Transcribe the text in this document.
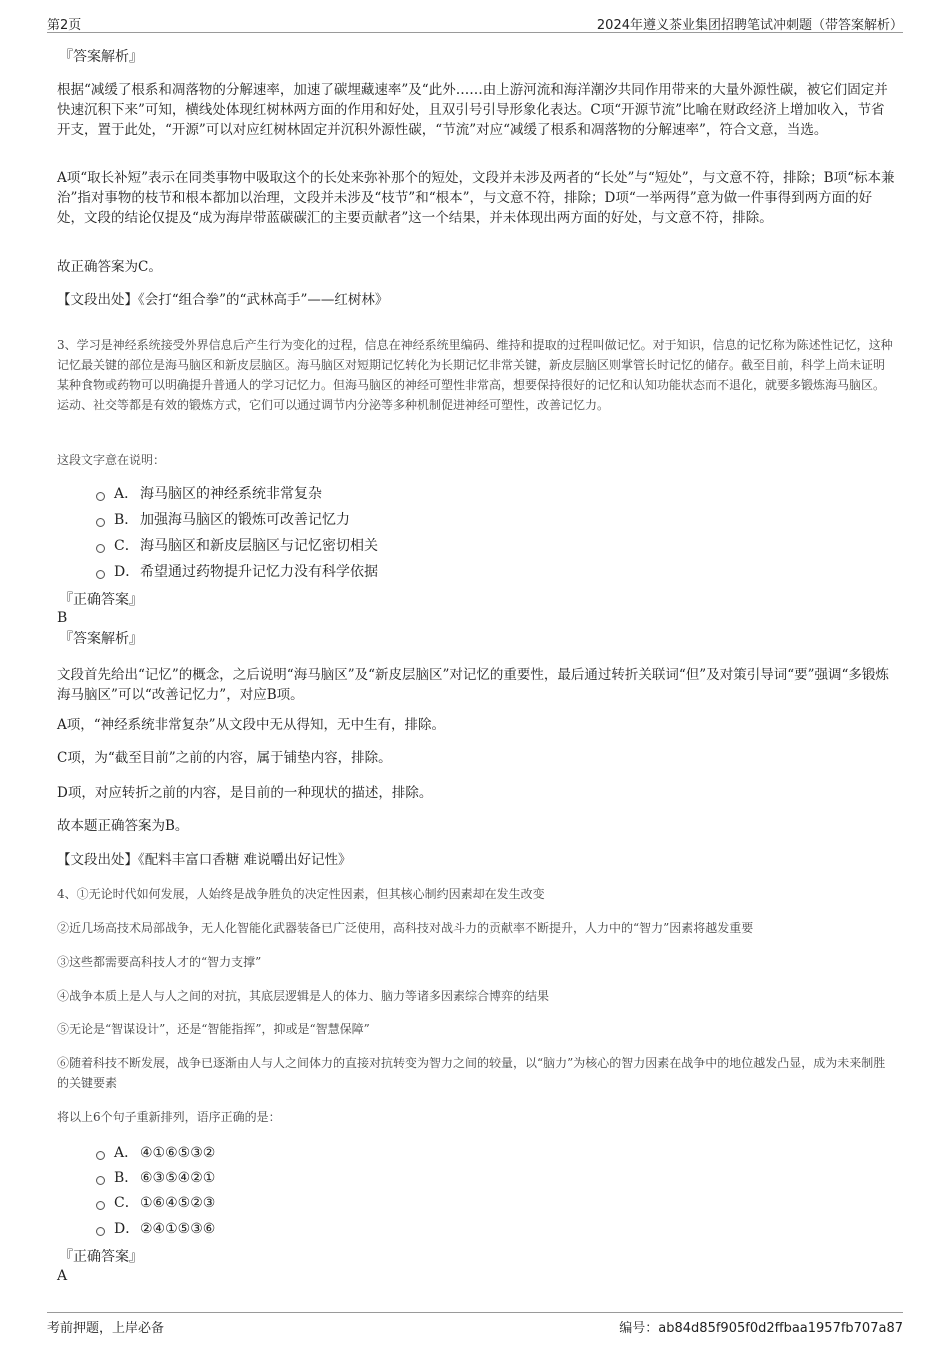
第2页	2024年遵义茶业集团招聘笔试冲刺题（带答案解析）
『答案解析』

根据“减缓了根系和凋落物的分解速率，加速了碳埋藏速率”及“此外……由上游河流和海洋潮汐共同作用带来的大量外源性碳，被它们固定并快速沉积下来”可知，横线处体现红树林两方面的作用和好处，且双引号引导形象化表达。C项“开源节流”比喻在财政经济上增加收入，节省开支，置于此处，“开源”可以对应红树林固定并沉积外源性碳，“节流”对应“减缓了根系和凋落物的分解速率”，符合文意，当选。

A项“取长补短”表示在同类事物中吸取这个的长处来弥补那个的短处，文段并未涉及两者的“长处”与“短处”，与文意不符，排除；B项“标本兼治”指对事物的枝节和根本都加以治理，文段并未涉及“枝节”和“根本”，与文意不符，排除；D项“一举两得”意为做一件事得到两方面的好处，文段的结论仅提及“成为海岸带蓝碳碳汇的主要贡献者”这一个结果，并未体现出两方面的好处，与文意不符，排除。

故正确答案为C。

【文段出处】《会打“组合拳”的“武林高手”——红树林》

3、学习是神经系统接受外界信息后产生行为变化的过程，信息在神经系统里编码、维持和提取的过程叫做记忆。对于知识，信息的记忆称为陈述性记忆，这种记忆最关键的部位是海马脑区和新皮层脑区。海马脑区对短期记忆转化为长期记忆非常关键，新皮层脑区则掌管长时记忆的储存。截至目前，科学上尚未证明某种食物或药物可以明确提升普通人的学习记忆力。但海马脑区的神经可塑性非常高，想要保持很好的记忆和认知功能状态而不退化，就要多锻炼海马脑区。运动、社交等都是有效的锻炼方式，它们可以通过调节内分泌等多种机制促进神经可塑性，改善记忆力。

这段文字意在说明：

A． 海马脑区的神经系统非常复杂
B． 加强海马脑区的锻炼可改善记忆力
C． 海马脑区和新皮层脑区与记忆密切相关
D． 希望通过药物提升记忆力没有科学依据
『正确答案』
B
『答案解析』

文段首先给出“记忆”的概念，之后说明“海马脑区”及“新皮层脑区”对记忆的重要性，最后通过转折关联词“但”及对策引导词“要”强调“多锻炼海马脑区”可以“改善记忆力”，对应B项。

A项，“神经系统非常复杂”从文段中无从得知，无中生有，排除。

C项，为“截至目前”之前的内容，属于铺垫内容，排除。

D项，对应转折之前的内容，是目前的一种现状的描述，排除。

故本题正确答案为B。

【文段出处】《配料丰富口香糖 难说嚼出好记性》

4、①无论时代如何发展，人始终是战争胜负的决定性因素，但其核心制约因素却在发生改变

②近几场高技术局部战争，无人化智能化武器装备已广泛使用，高科技对战斗力的贡献率不断提升，人力中的“智力”因素将越发重要

③这些都需要高科技人才的“智力支撑”

④战争本质上是人与人之间的对抗，其底层逻辑是人的体力、脑力等诸多因素综合博弈的结果

⑤无论是“智谋设计”，还是“智能指挥”，抑或是“智慧保障”

⑥随着科技不断发展，战争已逐渐由人与人之间体力的直接对抗转变为智力之间的较量，以“脑力”为核心的智力因素在战争中的地位越发凸显，成为未来制胜的关键要素

将以上6个句子重新排列，语序正确的是：

A． ④①⑥⑤③②
B． ⑥③⑤④②①
C． ①⑥④⑤②③
D． ②④①⑤③⑥
『正确答案』
A
考前押题，上岸必备	编号：ab84d85f905f0d2ffbaa1957fb707a87
